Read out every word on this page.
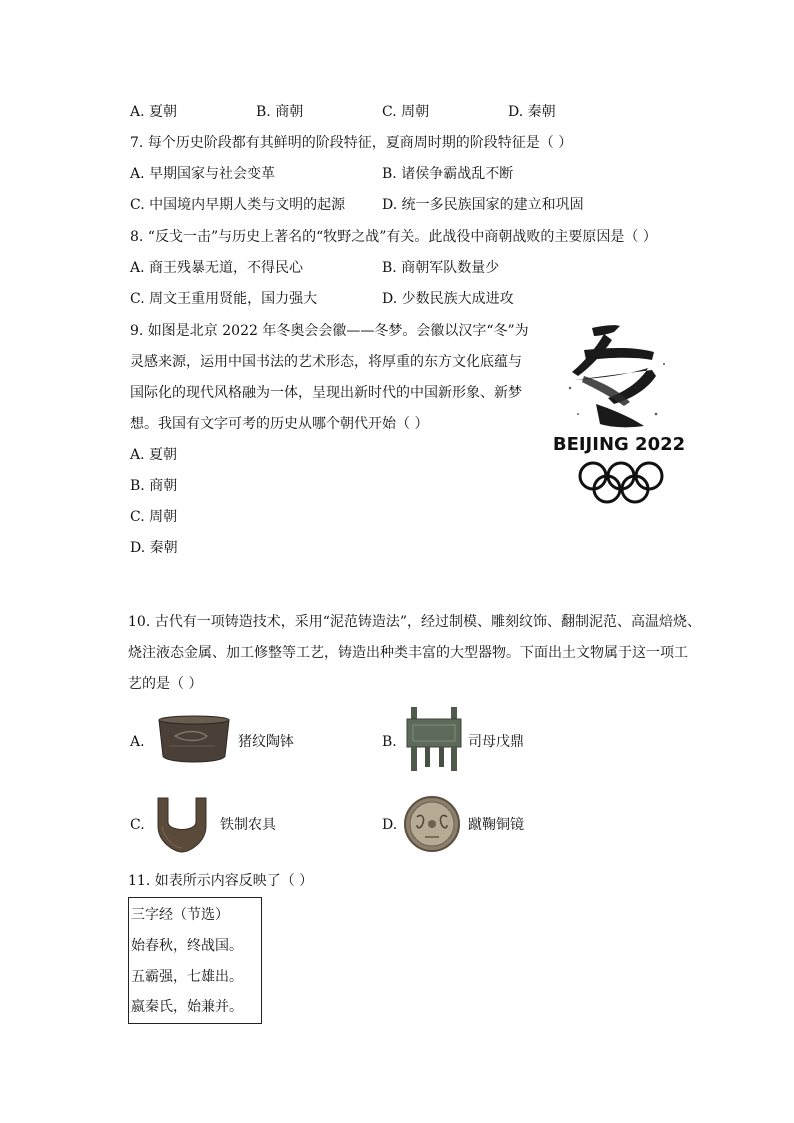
A. 夏朝	B. 商朝	C. 周朝	D. 秦朝
7. 每个历史阶段都有其鲜明的阶段特征，夏商周时期的阶段特征是（ ）
A. 早期国家与社会变革	B. 诸侯争霸战乱不断
C. 中国境内早期人类与文明的起源	D. 统一多民族国家的建立和巩固
8. “反戈一击”与历史上著名的“牧野之战”有关。此战役中商朝战败的主要原因是（ ）
A. 商王残暴无道，不得民心	B. 商朝军队数量少
C. 周文王重用贤能，国力强大	D. 少数民族大成进攻
9. 如图是北京 2022 年冬奥会会徽——冬梦。会徽以汉字“冬”为
灵感来源，运用中国书法的艺术形态，将厚重的东方文化底蕴与
国际化的现代风格融为一体，呈现出新时代的中国新形象、新梦
想。我国有文字可考的历史从哪个朝代开始（ ）
A. 夏朝
B. 商朝
C. 周朝
D. 秦朝
BEIJING 2022
10. 古代有一项铸造技术，采用“泥范铸造法”，经过制模、雕刻纹饰、翻制泥范、高温焙烧、
烧注液态金属、加工修整等工艺，铸造出种类丰富的大型器物。下面出土文物属于这一项工
艺的是（ ）
A.	猪纹陶钵	B.	司母戊鼎
C.	铁制农具	D.	蹴鞠铜镜
11. 如表所示内容反映了（ ）
三字经（节选）
始春秋，终战国。
五霸强，七雄出。
嬴秦氏，始兼并。
